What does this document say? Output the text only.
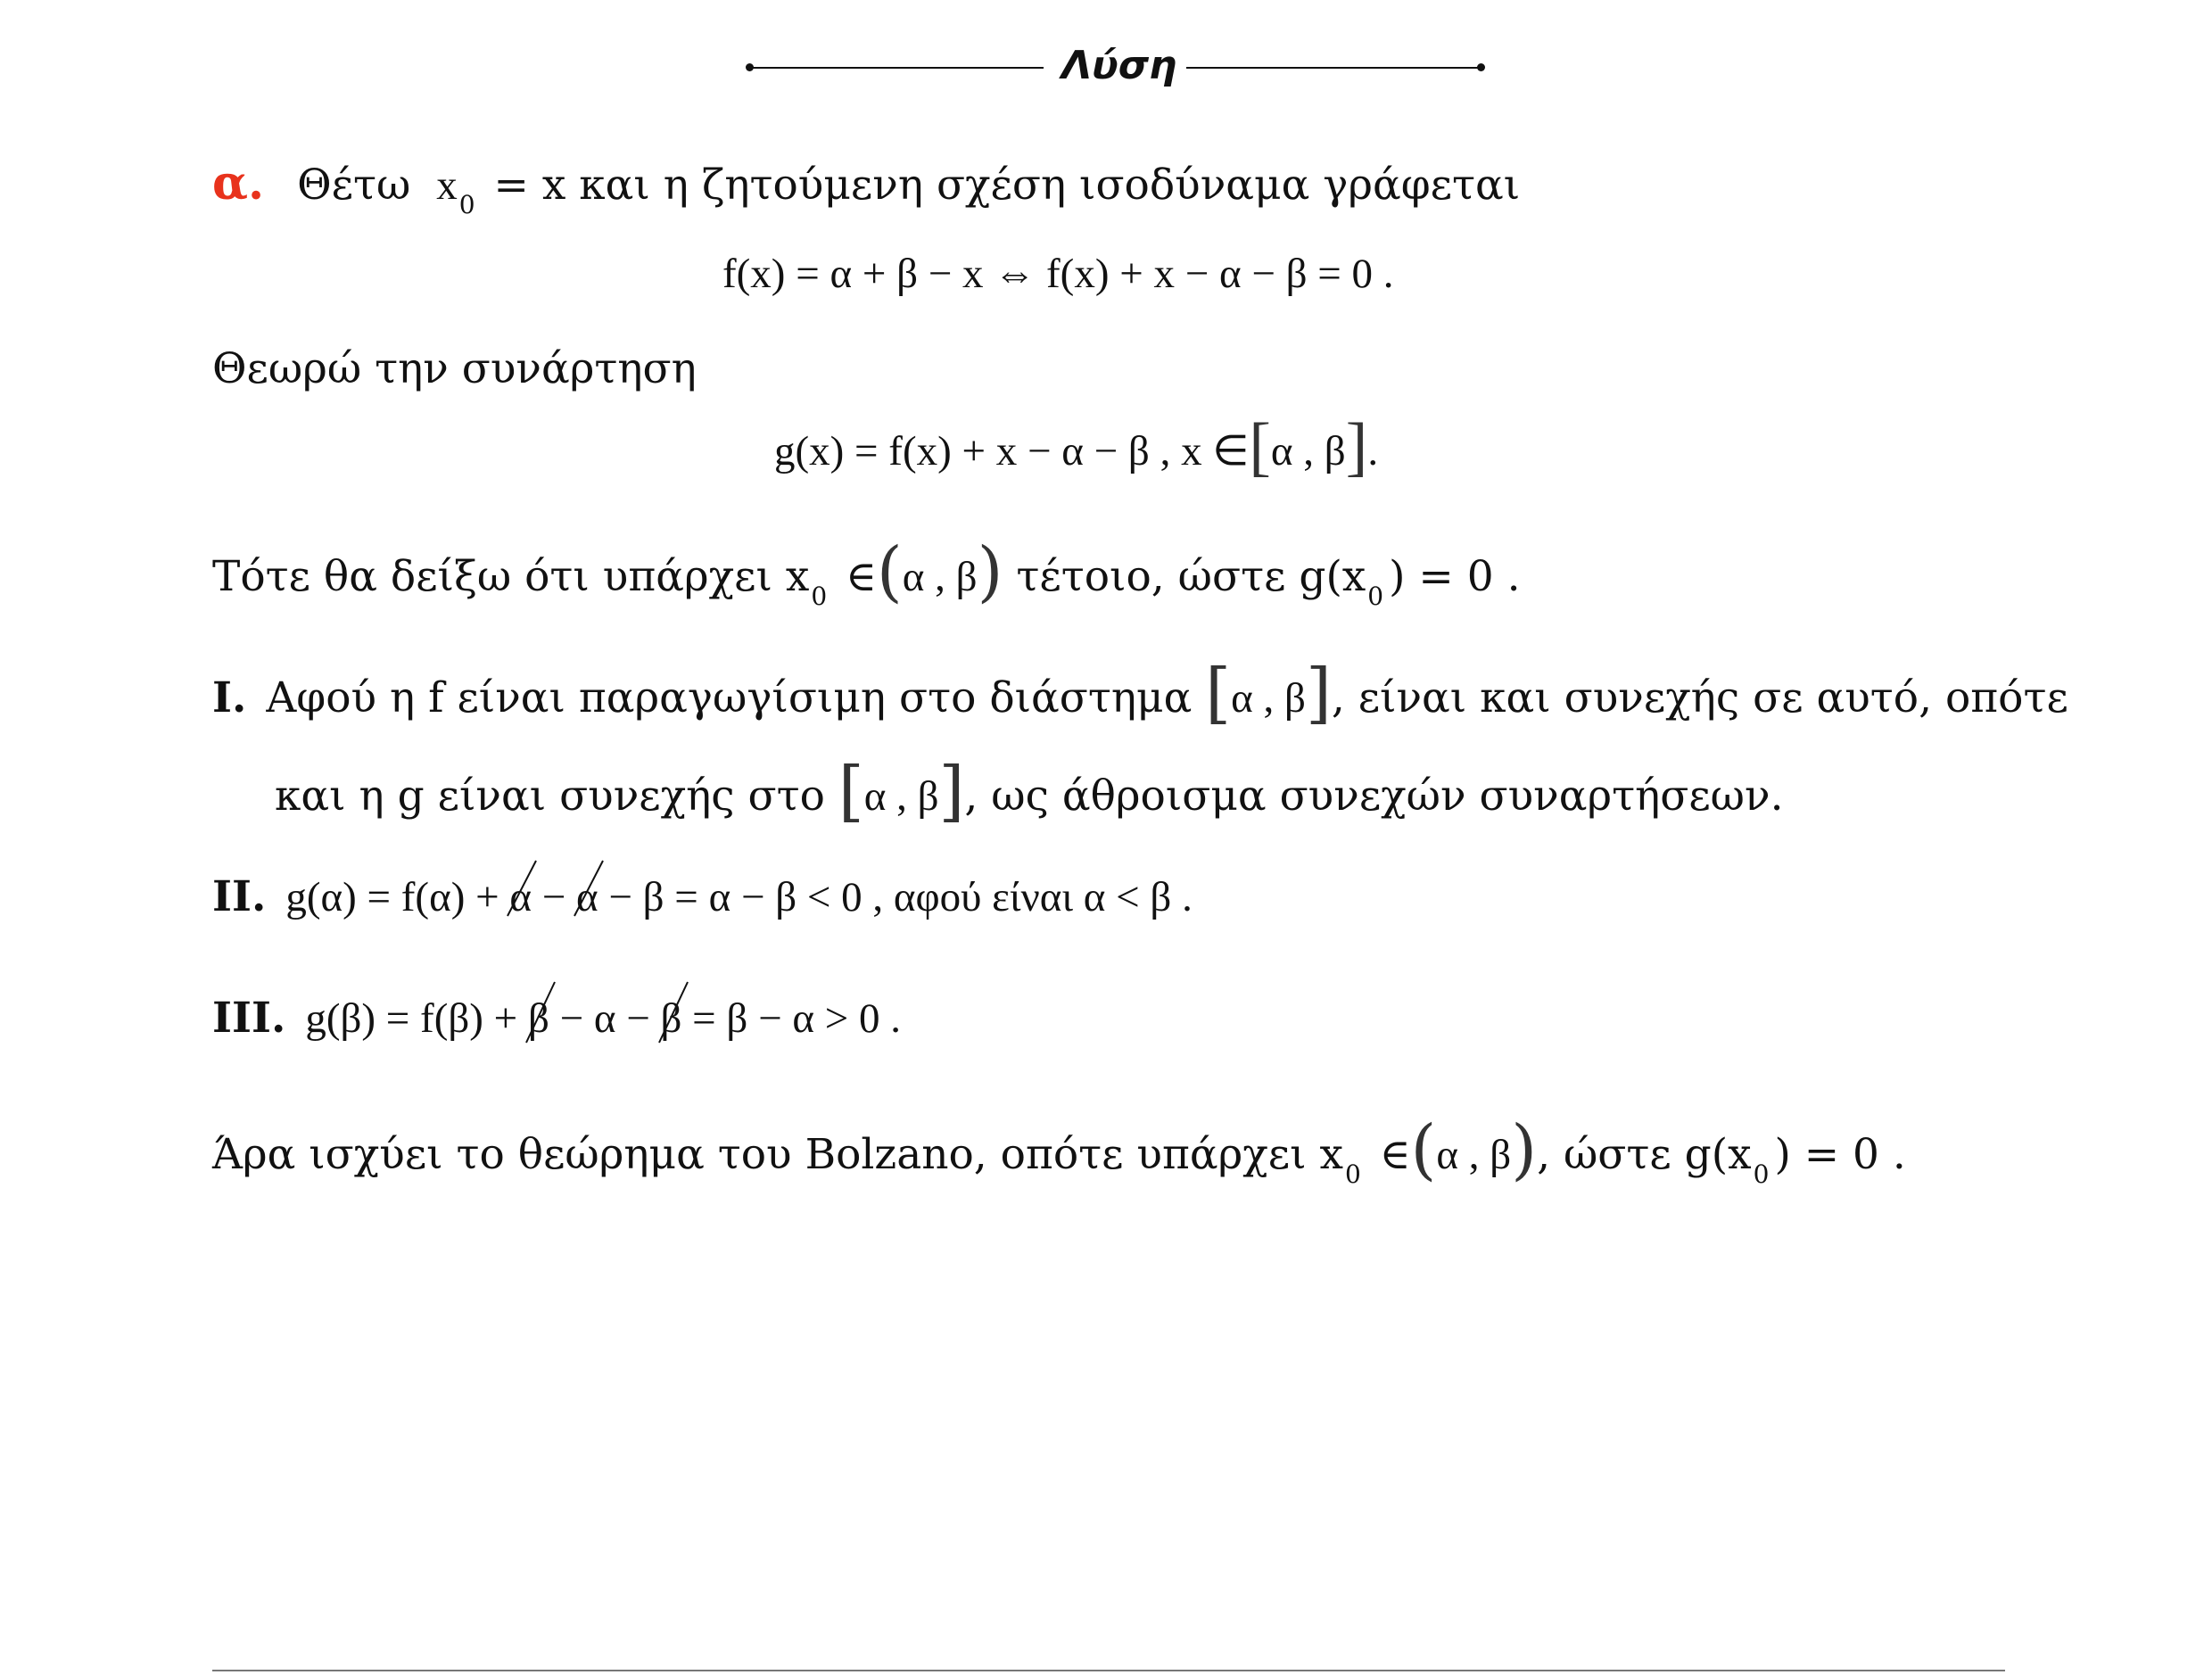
Λύση
α. Θέτω $x_0 = x$ και η ζητούμενη σχέση ισοδύναμα γράφεται
f(x) = α + β − x ⇔ f(x) + x − α − β = 0 .
Θεωρώ την συνάρτηση
g(x) = f(x) + x − α − β , x ∈[α , β].
Τότε θα δείξω ότι υπάρχει $x_0$ ∈(α , β) τέτοιο, ώστε $g(x_0$ ) = 0 .
I. Αφού η f είναι παραγωγίσιμη στο διάστημα [α , β], είναι και συνεχής σε αυτό, οπότε
και η g είναι συνεχής στο [α , β], ως άθροισμα συνεχών συναρτήσεων.
II. g(α) = f(α) + α
− α
− β = α − β < 0 , αφού είναι α < β .
III. g(β) = f(β) + β
− α − β
= β − α > 0 .
Άρα ισχύει το θεώρημα του Bolzano, οπότε υπάρχει $x_0$ ∈(α , β), ώστε $g(x_0$ ) = 0 .
